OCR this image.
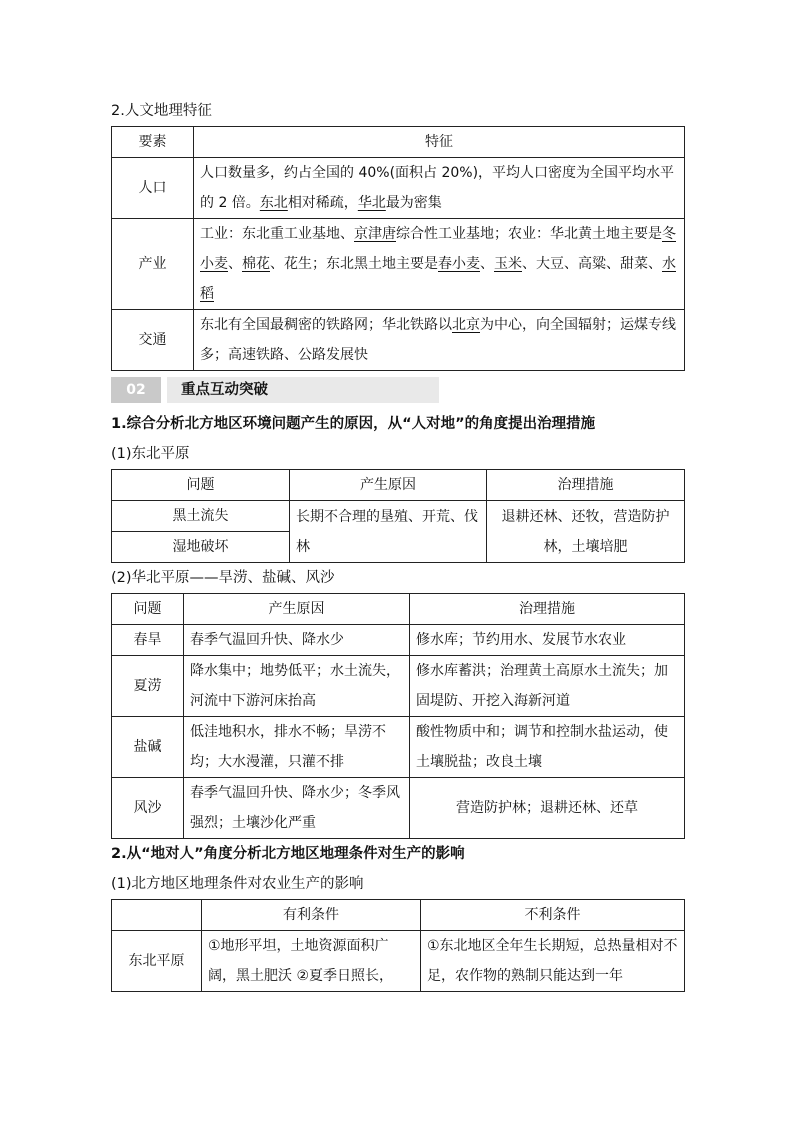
2.人文地理特征

要素	特征
人口	人口数量多，约占全国的 40%(面积占 20%)，平均人口密度为全国平均水平的 2 倍。东北相对稀疏，华北最为密集
产业	工业：东北重工业基地、京津唐综合性工业基地；农业：华北黄土地主要是冬小麦、棉花、花生；东北黑土地主要是春小麦、玉米、大豆、高粱、甜菜、水稻
交通	东北有全国最稠密的铁路网；华北铁路以北京为中心，向全国辐射；运煤专线多；高速铁路、公路发展快
02	重点互动突破

1.综合分析北方地区环境问题产生的原因，从“人对地”的角度提出治理措施

(1)东北平原

问题	产生原因	治理措施
黑土流失	长期不合理的垦殖、开荒、伐林	退耕还林、还牧，营造防护林，土壤培肥
湿地破坏		

(2)华北平原——旱涝、盐碱、风沙

问题	产生原因	治理措施
春旱	春季气温回升快、降水少	修水库；节约用水、发展节水农业
夏涝	降水集中；地势低平；水土流失，河流中下游河床抬高	修水库蓄洪；治理黄土高原水土流失；加固堤防、开挖入海新河道
盐碱	低洼地积水，排水不畅；旱涝不均；大水漫灌，只灌不排	酸性物质中和；调节和控制水盐运动，使土壤脱盐；改良土壤
风沙	春季气温回升快、降水少；冬季风强烈；土壤沙化严重	营造防护林；退耕还林、还草

2.从“地对人”角度分析北方地区地理条件对生产的影响

(1)北方地区地理条件对农业生产的影响

	有利条件	不利条件
东北平原	①地形平坦，土地资源面积广阔，黑土肥沃 ②夏季日照长，	①东北地区全年生长期短，总热量相对不足，农作物的熟制只能达到一年
